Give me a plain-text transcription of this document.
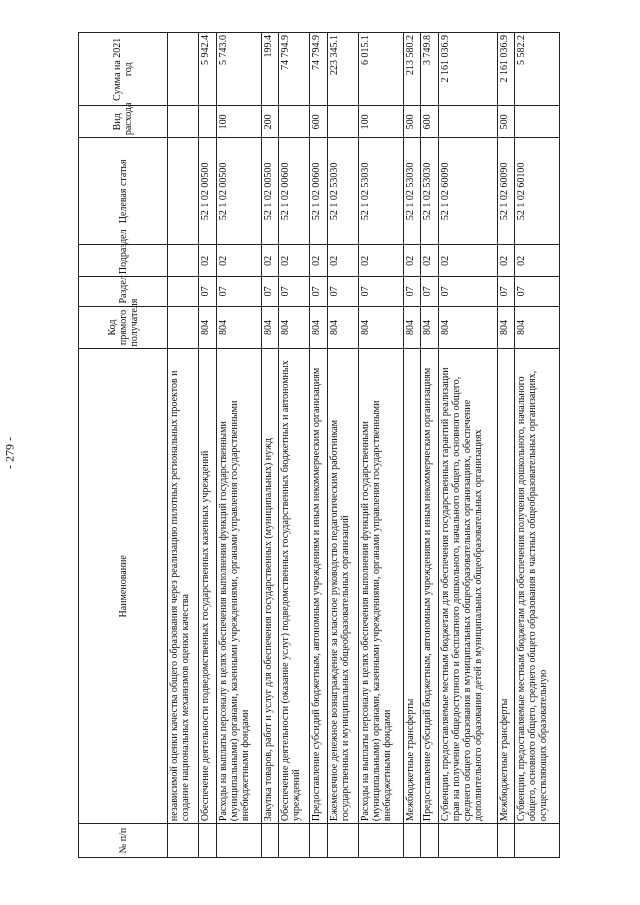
- 279 -
№ п/п	Наименование	Код прямого получателя	Раздел	Подраздел	Целевая статья	Вид расхода	Сумма на 2021 год
	независимой оценки качества общего образования через реализацию пилотных региональных проектов и создание национальных механизмов оценки качества						
	Обеспечение деятельности подведомственных государственных казенных учреждений	804	07	02	52 1 02 00500		5 942.4
	Расходы на выплаты персоналу в целях обеспечения выполнения функций государственными (муниципальными) органами, казенными учреждениями, органами управления государственными внебюджетными фондами	804	07	02	52 1 02 00500	100	5 743.0
	Закупка товаров, работ и услуг для обеспечения государственных (муниципальных) нужд	804	07	02	52 1 02 00500	200	199.4
	Обеспечение деятельности (оказание услуг) подведомственных государственных бюджетных и автономных учреждений	804	07	02	52 1 02 00600		74 794.9
	Предоставление субсидий бюджетным, автономным учреждениям и иным некоммерческим организациям	804	07	02	52 1 02 00600	600	74 794.9
	Ежемесячное денежное вознаграждение за классное руководство педагогическим работникам государственных и муниципальных общеобразовательных организаций	804	07	02	52 1 02 53030		223 345.1
	Расходы на выплаты персоналу в целях обеспечения выполнения функций государственными (муниципальными) органами, казенными учреждениями, органами управления государственными внебюджетными фондами	804	07	02	52 1 02 53030	100	6 015.1
	Межбюджетные трансферты	804	07	02	52 1 02 53030	500	213 580.2
	Предоставление субсидий бюджетным, автономным учреждениям и иным некоммерческим организациям	804	07	02	52 1 02 53030	600	3 749.8
	Субвенции, предоставляемые местным бюджетам для обеспечения государственных гарантий реализации прав на получение общедоступного и бесплатного дошкольного, начального общего, основного общего, среднего общего образования в муниципальных общеобразовательных организациях, обеспечение дополнительного образования детей в муниципальных общеобразовательных организациях	804	07	02	52 1 02 60090		2 161 036.9
	Межбюджетные трансферты	804	07	02	52 1 02 60090	500	2 161 036.9
	Субвенции, предоставляемые местным бюджетам для обеспечения получения дошкольного, начального общего, основного общего, среднего общего образования в частных общеобразовательных организациях, осуществляющих образовательную	804	07	02	52 1 02 60100		5 582.2
